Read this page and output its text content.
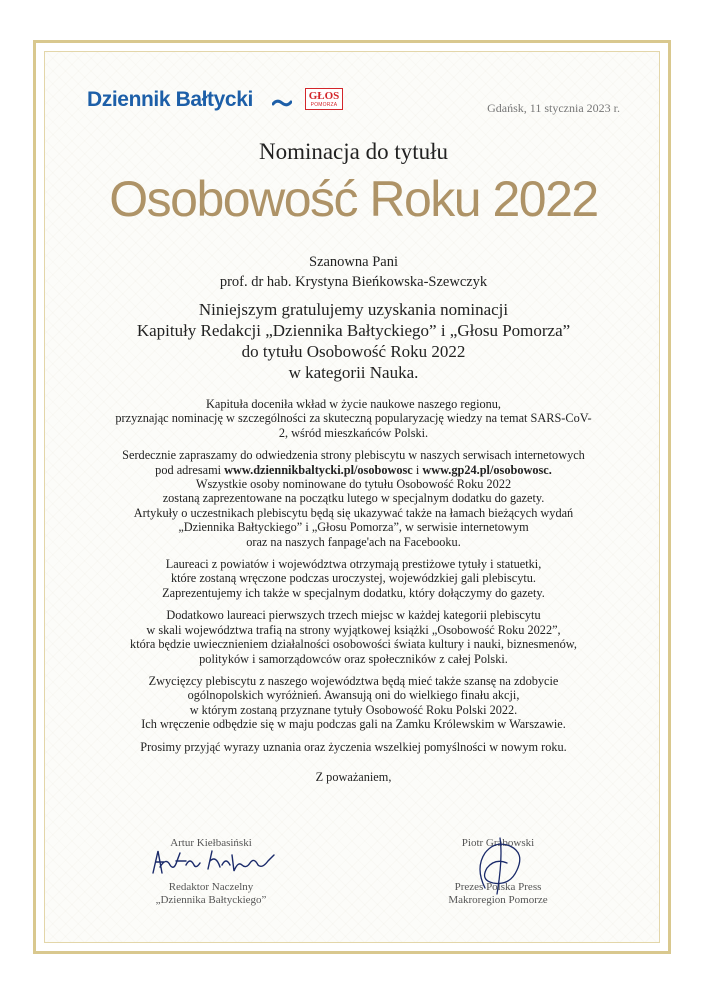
Dziennik Bałtycki	GŁOS
POMORZA	Gdańsk, 11 stycznia 2023 r.
Nominacja do tytułu
Osobowość Roku 2022
Szanowna Pani
prof. dr hab. Krystyna Bieńkowska-Szewczyk
Niniejszym gratulujemy uzyskania nominacji
Kapituły Redakcji „Dziennika Bałtyckiego” i „Głosu Pomorza”
do tytułu Osobowość Roku 2022
w kategorii Nauka.

Kapituła doceniła wkład w życie naukowe naszego regionu,
przyznając nominację w szczególności za skuteczną popularyzację wiedzy na temat SARS-CoV-
2, wśród mieszkańców Polski.

Serdecznie zapraszamy do odwiedzenia strony plebiscytu w naszych serwisach internetowych
pod adresami www.dziennikbaltycki.pl/osobowosc i www.gp24.pl/osobowosc.
Wszystkie osoby nominowane do tytułu Osobowość Roku 2022
zostaną zaprezentowane na początku lutego w specjalnym dodatku do gazety.
Artykuły o uczestnikach plebiscytu będą się ukazywać także na łamach bieżących wydań
„Dziennika Bałtyckiego” i „Głosu Pomorza”, w serwisie internetowym
oraz na naszych fanpage'ach na Facebooku.

Laureaci z powiatów i województwa otrzymają prestiżowe tytuły i statuetki,
które zostaną wręczone podczas uroczystej, wojewódzkiej gali plebiscytu.
Zaprezentujemy ich także w specjalnym dodatku, który dołączymy do gazety.

Dodatkowo laureaci pierwszych trzech miejsc w każdej kategorii plebiscytu
w skali województwa trafią na strony wyjątkowej książki „Osobowość Roku 2022”,
która będzie uwiecznieniem działalności osobowości świata kultury i nauki, biznesmenów,
polityków i samorządowców oraz społeczników z całej Polski.

Zwycięzcy plebiscytu z naszego województwa będą mieć także szansę na zdobycie
ogólnopolskich wyróżnień. Awansują oni do wielkiego finału akcji,
w którym zostaną przyznane tytuły Osobowość Roku Polski 2022.
Ich wręczenie odbędzie się w maju podczas gali na Zamku Królewskim w Warszawie.

Prosimy przyjąć wyrazy uznania oraz życzenia wszelkiej pomyślności w nowym roku.

Z poważaniem,
Artur Kiełbasiński
Redaktor Naczelny
„Dziennika Bałtyckiego”
Piotr Grabowski
Prezes Polska Press
Makroregion Pomorze
